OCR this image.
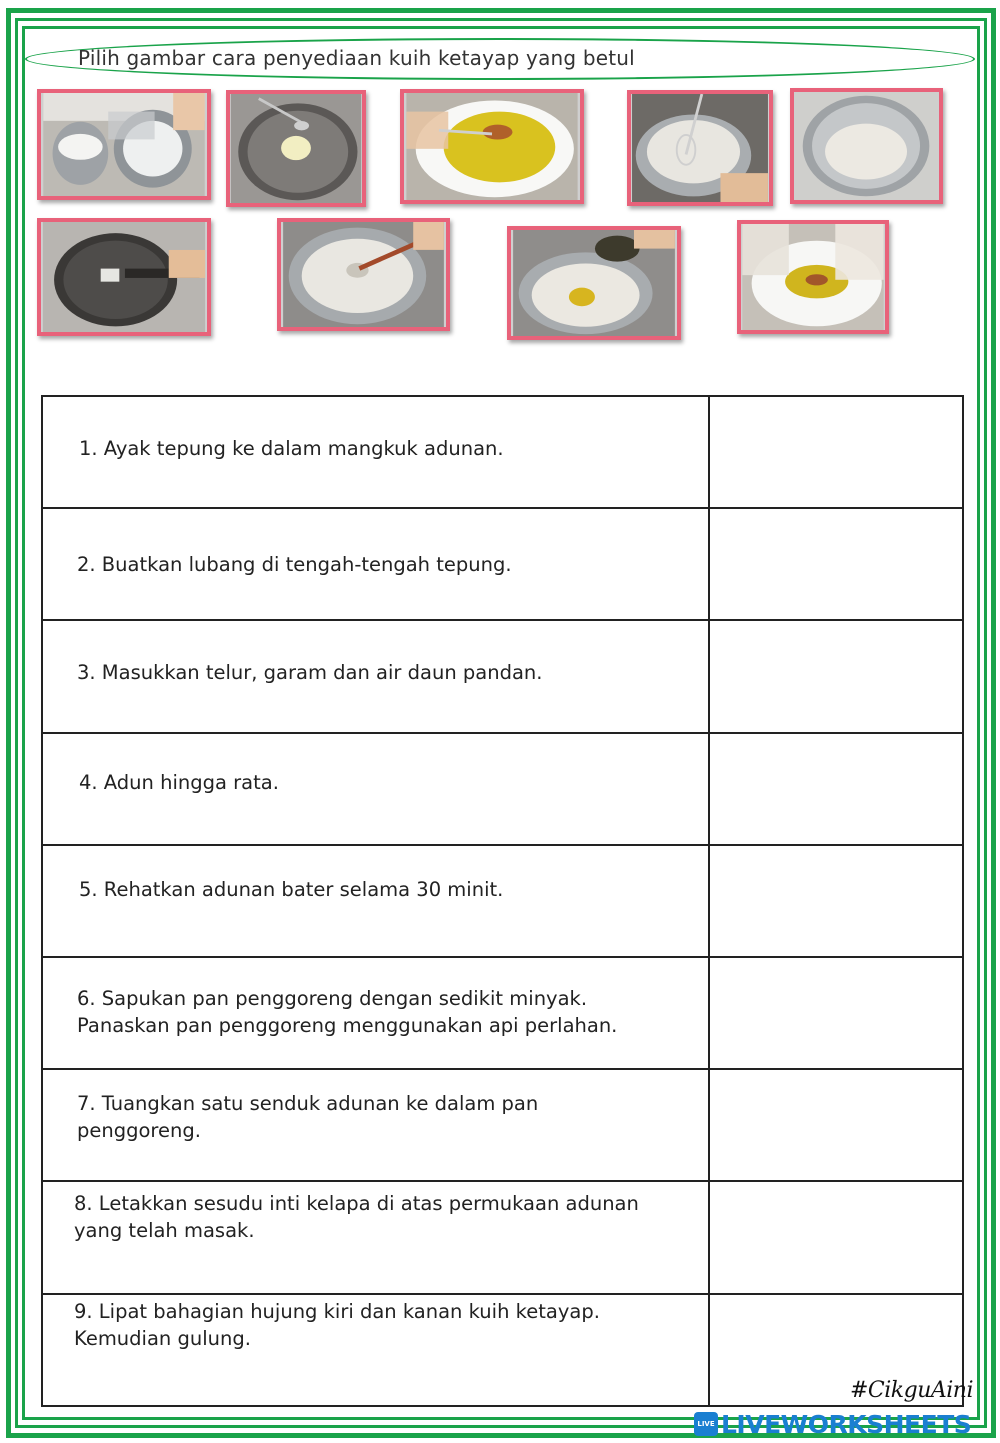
Pilih gambar cara penyediaan kuih ketayap yang betul
1. Ayak tepung ke dalam mangkuk adunan.	

2. Buatkan lubang di tengah-tengah tepung.	

3. Masukkan telur, garam dan air daun pandan.	

4. Adun hingga rata.	

5. Rehatkan adunan bater selama 30 minit.	

6. Sapukan pan penggoreng dengan sedikit minyak.
Panaskan pan penggoreng menggunakan api perlahan.	

7. Tuangkan satu senduk adunan ke dalam pan
penggoreng.	

8. Letakkan sesudu inti kelapa di atas permukaan adunan
yang telah masak.	

9. Lipat bahagian hujung kiri dan kanan kuih ketayap.
Kemudian gulung.	

#CikguAini
LIVE LIVEWORKSHEETS
